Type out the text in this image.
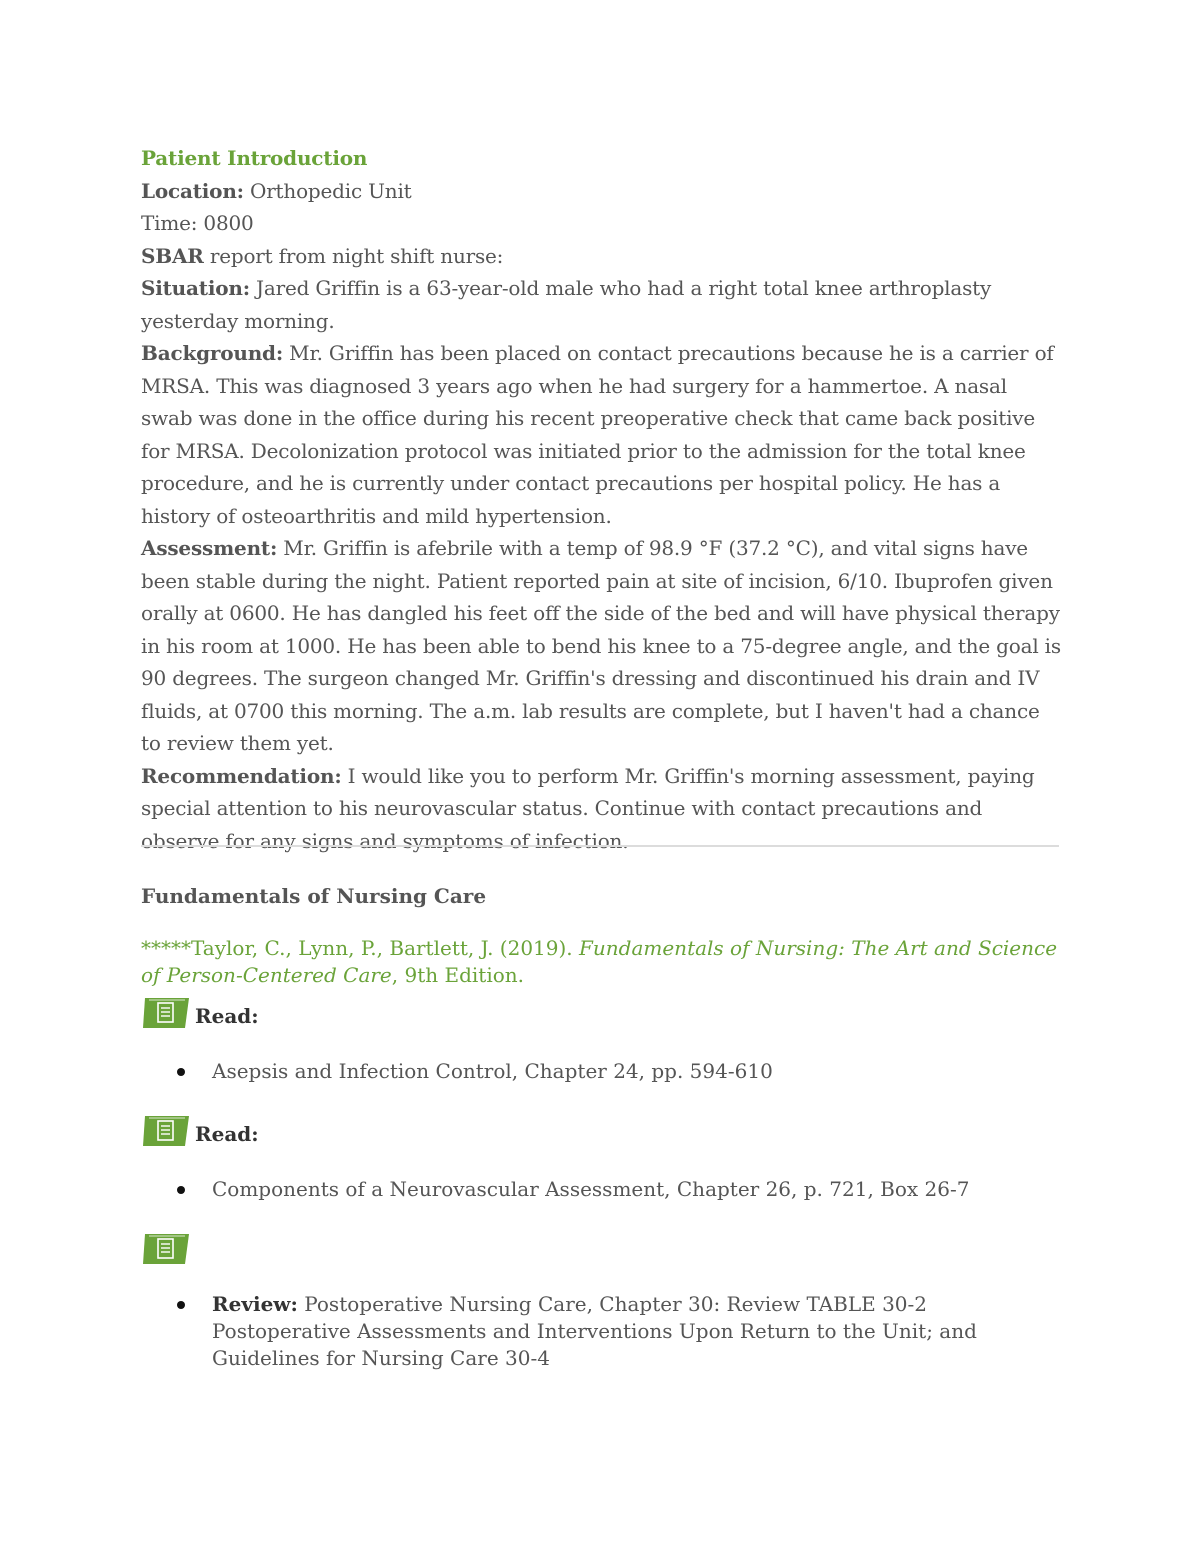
Patient Introduction

Location: Orthopedic Unit

Time: 0800

SBAR report from night shift nurse:

Situation: Jared Griffin is a 63-year-old male who had a right total knee arthroplasty yesterday morning.

Background: Mr. Griffin has been placed on contact precautions because he is a carrier of MRSA. This was diagnosed 3 years ago when he had surgery for a hammertoe. A nasal swab was done in the office during his recent preoperative check that came back positive for MRSA. Decolonization protocol was initiated prior to the admission for the total knee procedure, and he is currently under contact precautions per hospital policy. He has a history of osteoarthritis and mild hypertension.

Assessment: Mr. Griffin is afebrile with a temp of 98.9 °F (37.2 °C), and vital signs have been stable during the night. Patient reported pain at site of incision, 6/10. Ibuprofen given orally at 0600. He has dangled his feet off the side of the bed and will have physical therapy in his room at 1000. He has been able to bend his knee to a 75-degree angle, and the goal is 90 degrees. The surgeon changed Mr. Griffin's dressing and discontinued his drain and IV fluids, at 0700 this morning. The a.m. lab results are complete, but I haven't had a chance to review them yet.

Recommendation: I would like you to perform Mr. Griffin's morning assessment, paying special attention to his neurovascular status. Continue with contact precautions and observe for any signs and symptoms of infection.

Fundamentals of Nursing Care

*****Taylor, C., Lynn, P., Bartlett, J. (2019). Fundamentals of Nursing: The Art and Science of Person-Centered Care, 9th Edition.
Read:
Asepsis and Infection Control, Chapter 24, pp. 594-610
Read:
Components of a Neurovascular Assessment, Chapter 26, p. 721, Box 26-7
Review: Postoperative Nursing Care, Chapter 30: Review TABLE 30-2 Postoperative Assessments and Interventions Upon Return to the Unit; and Guidelines for Nursing Care 30-4
